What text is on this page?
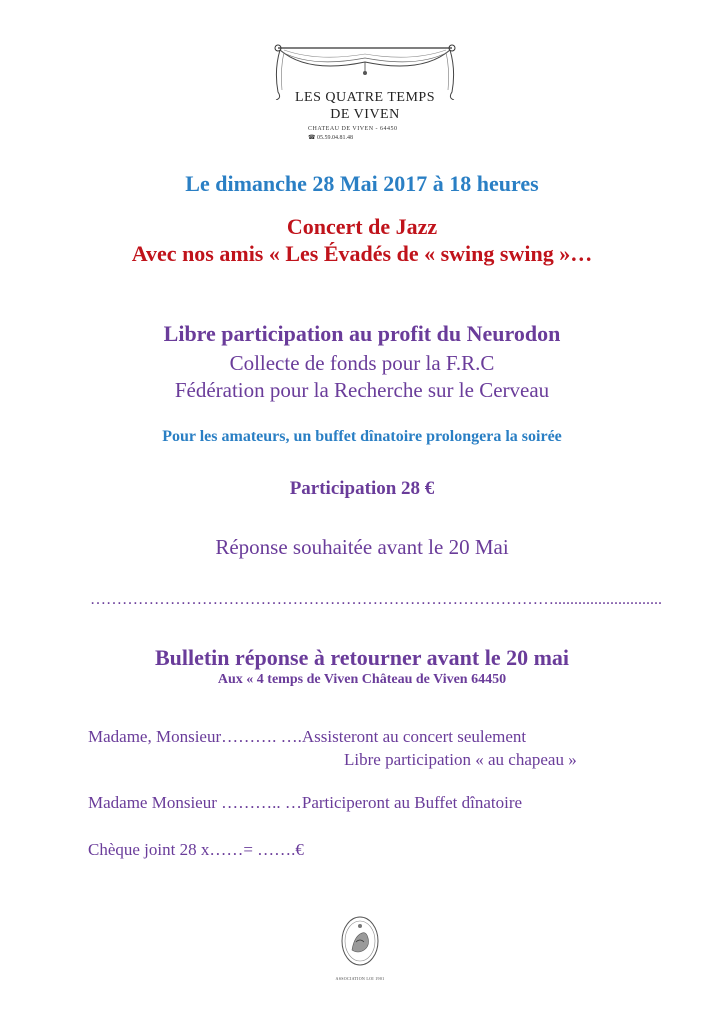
LES QUATRE TEMPS
DE VIVEN
CHATEAU DE VIVEN - 64450
☎ 05.59.04.81.48
Le dimanche 28 Mai 2017 à 18 heures
Concert de Jazz
Avec nos amis « Les Évadés de « swing swing »…
Libre participation au profit du Neurodon
Collecte de fonds pour la F.R.C
Fédération pour la Recherche sur le Cerveau
Pour les amateurs, un buffet dînatoire prolongera la soirée
Participation 28 €
Réponse souhaitée avant le 20 Mai
……………………………………………………………………………...........................
Bulletin réponse à retourner avant le 20 mai
Aux « 4 temps de Viven Château de Viven 64450
Madame, Monsieur………. ….Assisteront au concert seulement
Libre participation « au chapeau »
Madame Monsieur ……….. …Participeront au Buffet dînatoire
Chèque joint 28 x……= …….€
ASSOCIATION LOI 1901
